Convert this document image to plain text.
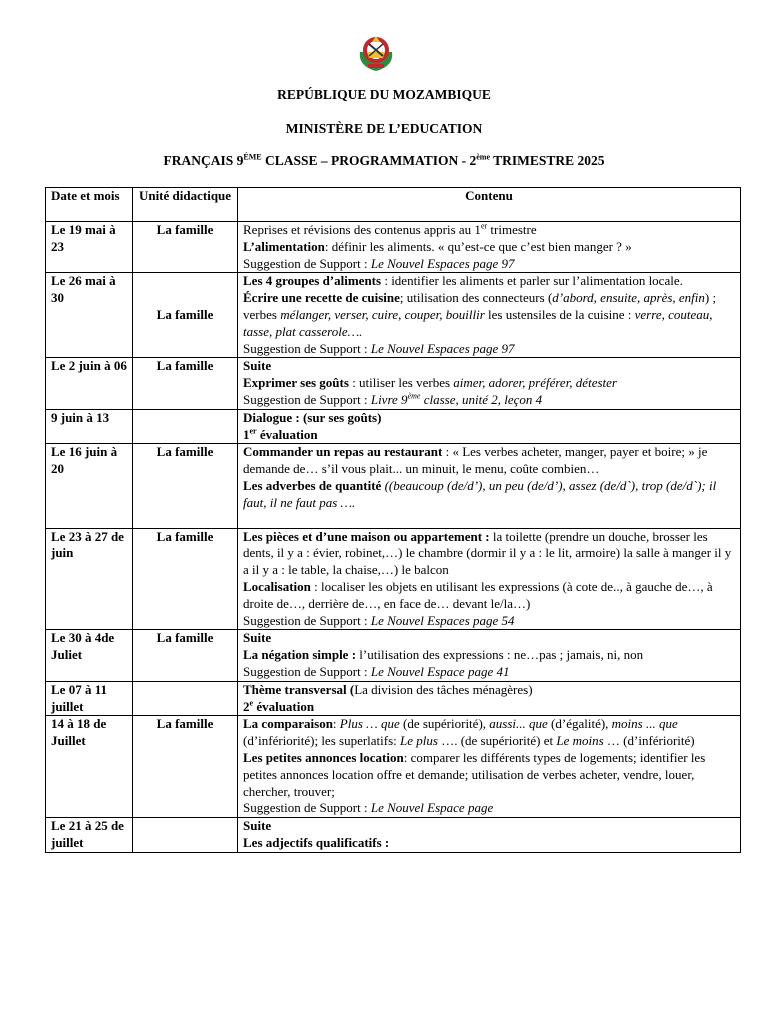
REPÚBLIQUE DU MOZAMBIQUE
MINISTÈRE DE L’EDUCATION
FRANÇAIS $9^{ÉME}$ CLASSE – PROGRAMMATION - 2ème TRIMESTRE 2025
Date et mois	Unité didactique	Contenu
Le 19 mai à 23	La famille	Reprises et révisions des contenus appris au 1er trimestre
L’alimentation: définir les aliments. « qu’est-ce que c’est bien manger ? »
Suggestion de Support : Le Nouvel Espaces page 97

Le 26 mai à 30	La famille	Les 4 groupes d’aliments : identifier les aliments et parler sur l’alimentation locale.
Écrire une recette de cuisine; utilisation des connecteurs (d’abord, ensuite, après, enfin) ; verbes mélanger, verser, cuire, couper, bouillir les ustensiles de la cuisine : verre, couteau, tasse, plat casserole….
Suggestion de Support : Le Nouvel Espaces page 97

Le 2 juin à 06	La famille	Suite
Exprimer ses goûts : utiliser les verbes aimer, adorer, préférer, détester
Suggestion de Support : Livre 9ème classe, unité 2, leçon 4

9 juin à 13		Dialogue : (sur ses goûts)
1er évaluation

Le 16 juin à 20	La famille	Commander un repas au restaurant : « Les verbes acheter, manger, payer et boire; » je demande de… s’il vous plait... un minuit, le menu, coûte combien…
Les adverbes de quantité ((beaucoup (de/d’), un peu (de/d’), assez (de/d`), trop (de/d`); il faut, il ne faut pas ….

Le 23 à 27 de juin	La famille	Les pièces et d’une maison ou appartement : la toilette (prendre un douche, brosser les dents, il y a : évier, robinet,…) le chambre (dormir il y a : le lit, armoire) la salle à manger il y a il y a : le table, la chaise,…) le balcon
Localisation : localiser les objets en utilisant les expressions (à cote de.., à gauche de…, à droite de…, derrière de…, en face de… devant le/la…)
Suggestion de Support : Le Nouvel Espaces page 54

Le 30 à 4de Juliet	La famille	Suite
La négation simple : l’utilisation des expressions : ne…pas ; jamais, ni, non
Suggestion de Support : Le Nouvel Espace page 41

Le 07 à 11 juillet		Thème transversal (La division des tâches ménagères)
2e évaluation

14 à 18 de Juillet	La famille	La comparaison: Plus … que (de supériorité), aussi... que (d’égalité), moins ... que (d’infériorité); les superlatifs: Le plus …. (de supériorité) et Le moins … (d’infériorité)
Les petites annonces location: comparer les différents types de logements; identifier les petites annonces location offre et demande; utilisation de verbes acheter, vendre, louer, chercher, trouver;
Suggestion de Support : Le Nouvel Espace page

Le 21 à 25 de juillet		Suite
Les adjectifs qualificatifs :
